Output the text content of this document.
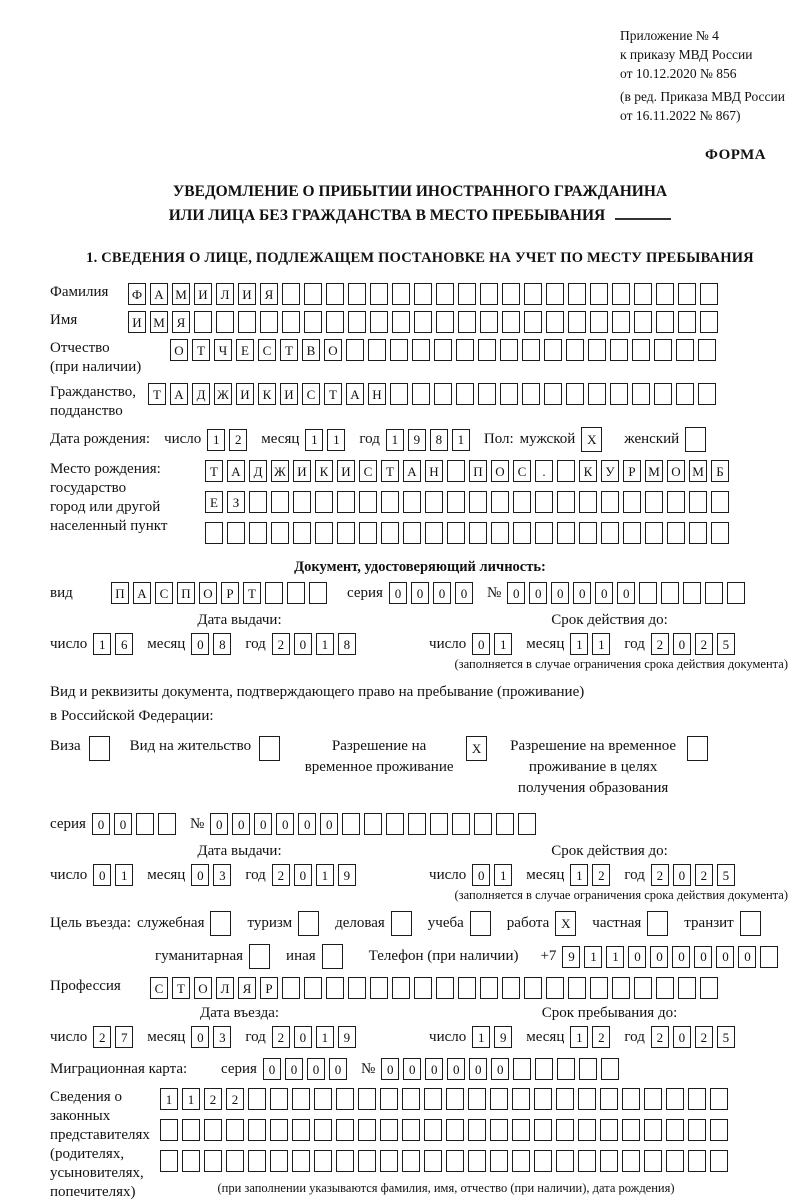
Приложение № 4
к приказу МВД России
от 10.12.2020 № 856
(в ред. Приказа МВД России
от 16.11.2022 № 867)
ФОРМА
УВЕДОМЛЕНИЕ О ПРИБЫТИИ ИНОСТРАННОГО ГРАЖДАНИНА
ИЛИ ЛИЦА БЕЗ ГРАЖДАНСТВА В МЕСТО ПРЕБЫВАНИЯ
1. СВЕДЕНИЯ О ЛИЦЕ, ПОДЛЕЖАЩЕМ ПОСТАНОВКЕ НА УЧЕТ ПО МЕСТУ ПРЕБЫВАНИЯ
Фамилия	Ф А М И Л И Я
Имя	И М Я
Отчество
(при наличии)
О	Т	Ч	Е	С	Т	В О
Гражданство,
подданство
Т	А Д Ж И К И С	Т	А Н
Дата рождения: число 1	2	месяц 1	1	год 1	9	8	1	Пол: мужской X	женский
Место рождения:
государство
город или другой
населенный пункт
Т	А Д Ж И К И С	Т	А Н	П О С	.	К	У	Р М О М Б
Е	З
Документ, удостоверяющий личность:
вид	П А С П О	Р	Т	серия 0	0	0	0	№ 0	0	0	0	0	0
Дата выдачи:
число 1	6	месяц 0	8	год 2	0	1	8
Срок действия до:
число 0	1	месяц 1	1	год 2	0	2	5
(заполняется в случае ограничения срока действия документа)
Вид и реквизиты документа, подтверждающего право на пребывание (проживание)
в Российской Федерации:
Виза	Вид на жительство	Разрешение на временное проживание
X	Разрешение на временное проживание в целях получения образования
серия 0	0	№ 0	0	0	0	0	0
Дата выдачи:
число 0	1	месяц 0	3	год 2	0	1	9
Срок действия до:
число 0	1	месяц 1	2	год 2	0	2	5
(заполняется в случае ограничения срока действия документа)
Цель въезда: служебная	туризм	деловая	учеба	работа X	частная	транзит
гуманитарная	иная	Телефон (при наличии) +7 9	1	1	0	0	0	0	0	0
Профессия	С	Т	О Л	Я	Р
Дата въезда:
число 2	7	месяц 0	3	год 2	0	1	9
Срок пребывания до:
число 1	9	месяц 1	2	год 2	0	2	5
Миграционная карта:	серия 0	0	0	0	№ 0	0	0	0	0	0
Сведения о
законных
представителях
(родителях,
усыновителях,
попечителях)
1	1	2	2
(при заполнении указываются фамилия, имя, отчество (при наличии), дата рождения)
